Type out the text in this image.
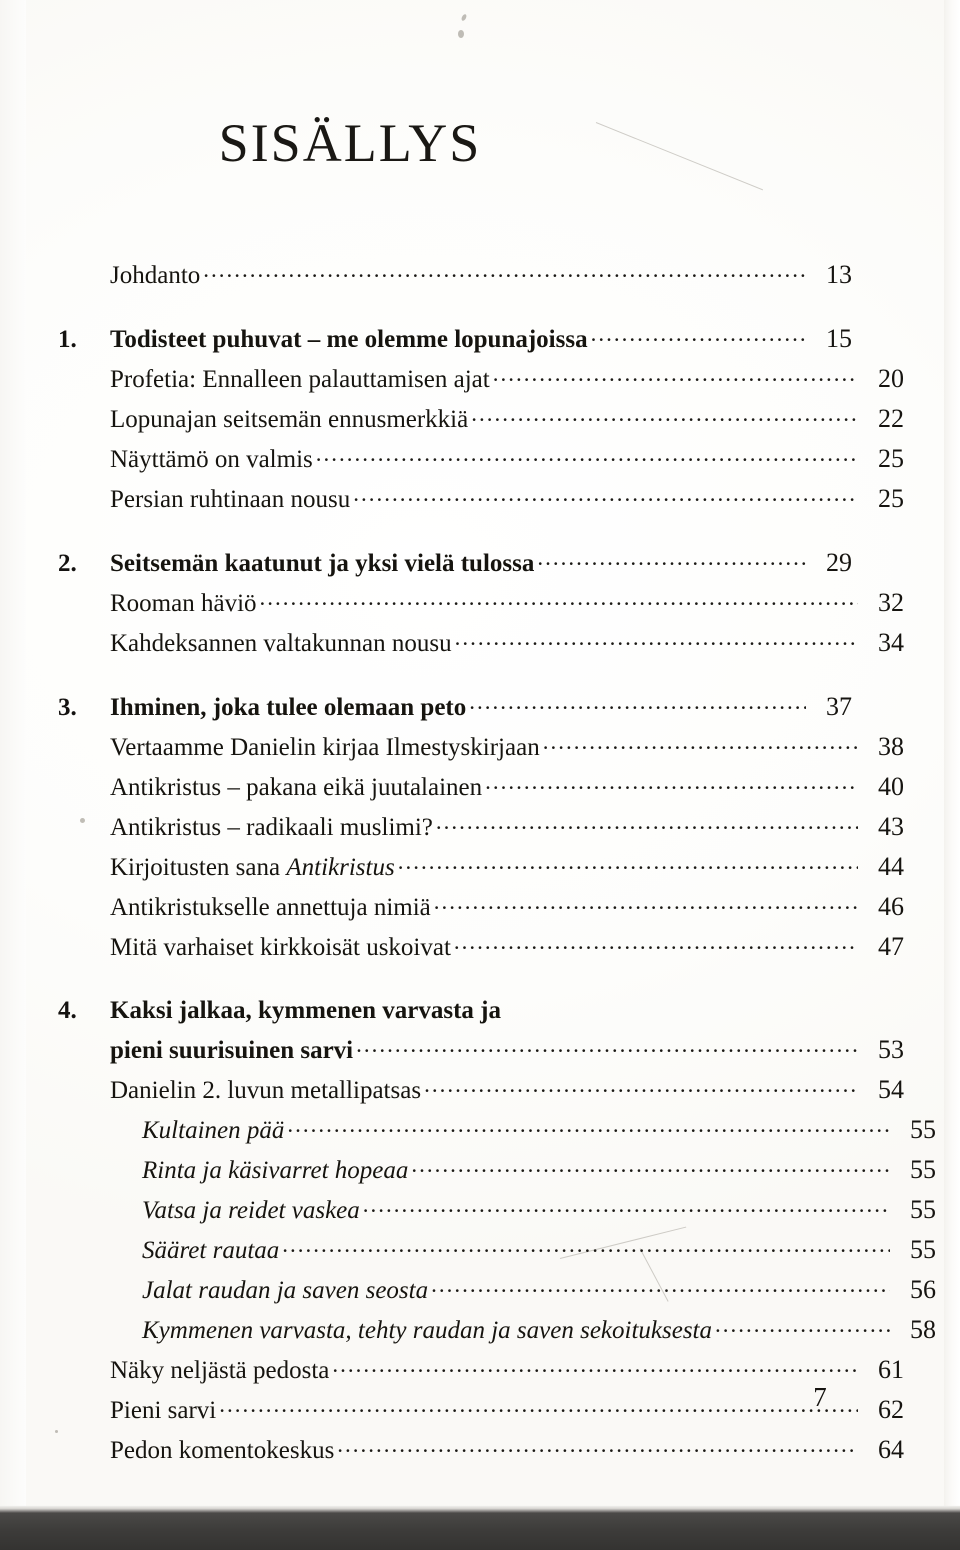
SISÄLLYS
Johdanto .....	13
1.	Todisteet puhuvat – me olemme lopunajoissa .....	15
Profetia: Ennalleen palauttamisen ajat .....	20
Lopunajan seitsemän ennusmerkkiä .....	22
Näyttämö on valmis .....	25
Persian ruhtinaan nousu .....	25
2.	Seitsemän kaatunut ja yksi vielä tulossa .....	29
Rooman häviö .....	32
Kahdeksannen valtakunnan nousu .....	34
3.	Ihminen, joka tulee olemaan peto .....	37
Vertaamme Danielin kirjaa Ilmestyskirjaan .....	38
Antikristus – pakana eikä juutalainen .....	40
Antikristus – radikaali muslimi? .....	43
Kirjoitusten sana Antikristus .....	44
Antikristukselle annettuja nimiä .....	46
Mitä varhaiset kirkkoisät uskoivat .....	47
4.	Kaksi jalkaa, kymmenen varvasta ja
pieni suurisuinen sarvi .....	53
Danielin 2. luvun metallipatsas .....	54
Kultainen pää .....	55
Rinta ja käsivarret hopeaa .....	55
Vatsa ja reidet vaskea .....	55
Sääret rautaa .....	55
Jalat raudan ja saven seosta .....	56
Kymmenen varvasta, tehty raudan ja saven sekoituksesta .....	58
Näky neljästä pedosta .....	61
Pieni sarvi .....	62
Pedon komentokeskus .....	64
7
